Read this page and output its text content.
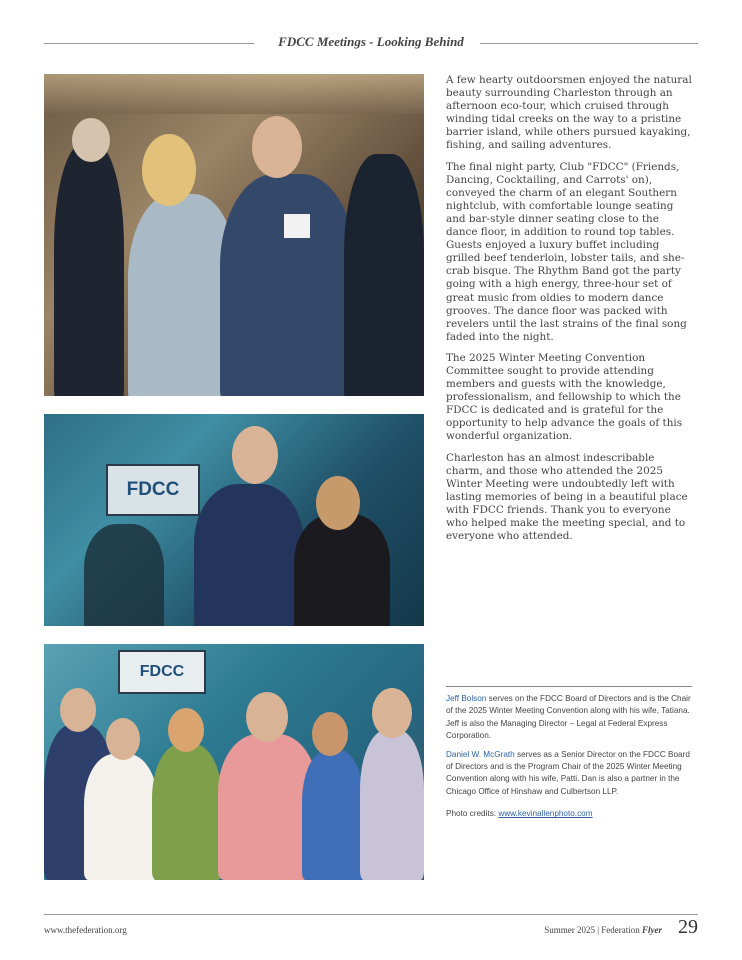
FDCC Meetings - Looking Behind
FDCC
FDCC

A few hearty outdoorsmen enjoyed the natural beauty surrounding Charleston through an afternoon eco-tour, which cruised through winding tidal creeks on the way to a pristine barrier island, while others pursued kayaking, fishing, and sailing adventures.

The final night party, Club "FDCC" (Friends, Dancing, Cocktailing, and Carrots' on), conveyed the charm of an elegant Southern nightclub, with comfortable lounge seating and bar-style dinner seating close to the dance floor, in addition to round top tables. Guests enjoyed a luxury buffet including grilled beef tenderloin, lobster tails, and she-crab bisque. The Rhythm Band got the party going with a high energy, three-hour set of great music from oldies to modern dance grooves. The dance floor was packed with revelers until the last strains of the final song faded into the night.

The 2025 Winter Meeting Convention Committee sought to provide attending members and guests with the knowledge, professionalism, and fellowship to which the FDCC is dedicated and is grateful for the opportunity to help advance the goals of this wonderful organization.

Charleston has an almost indescribable charm, and those who attended the 2025 Winter Meeting were undoubtedly left with lasting memories of being in a beautiful place with FDCC friends. Thank you to everyone who helped make the meeting special, and to everyone who attended.

Jeff Bolson serves on the FDCC Board of Directors and is the Chair of the 2025 Winter Meeting Convention along with his wife, Tatiana. Jeff is also the Managing Director – Legal at Federal Express Corporation.

Daniel W. McGrath serves as a Senior Director on the FDCC Board of Directors and is the Program Chair of the 2025 Winter Meeting Convention along with his wife, Patti. Dan is also a partner in the Chicago Office of Hinshaw and Culbertson LLP.

Photo credits: www.kevinallenphoto.com

www.thefederation.org	Summer 2025 | Federation Flyer 29
